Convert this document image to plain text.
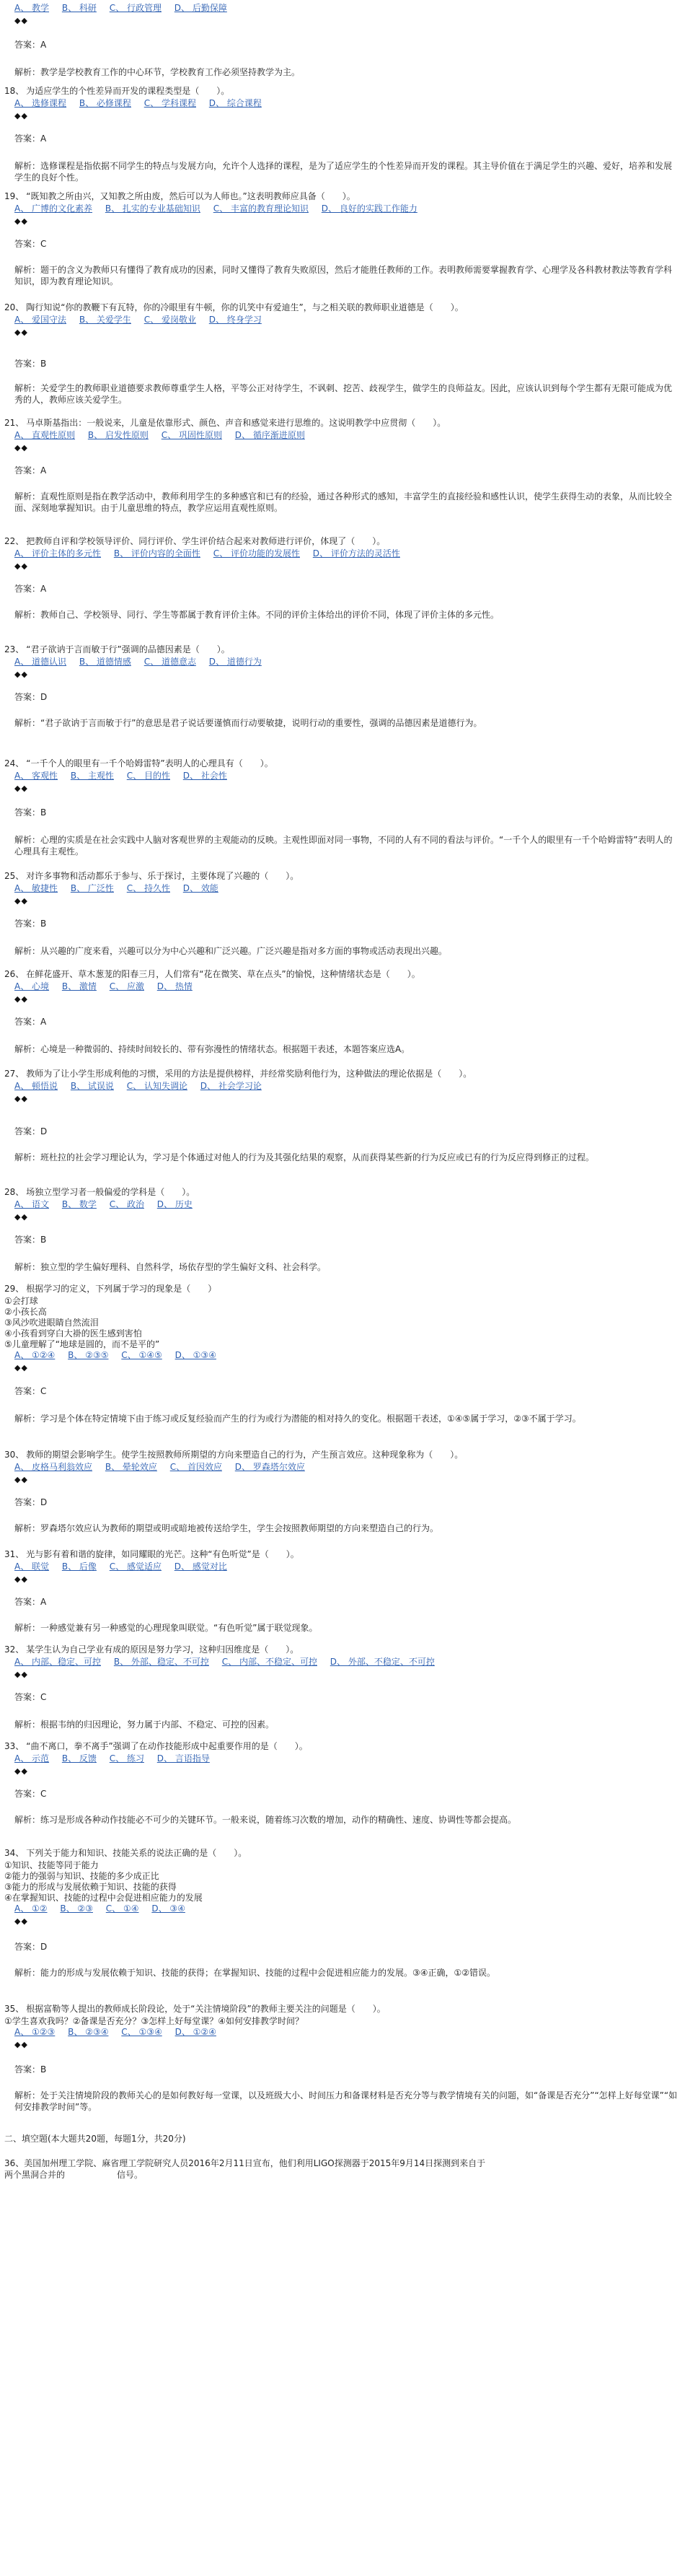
A、 教学 B、 科研 C、 行政管理 D、 后勤保障
◆◆
答案：A
解析：教学是学校教育工作的中心环节，学校教育工作必须坚持教学为主。
18、 为适应学生的个性差异而开发的课程类型是（　　）。
A、 选修课程 B、 必修课程 C、 学科课程 D、 综合课程
◆◆
答案：A
解析：选修课程是指依据不同学生的特点与发展方向，允许个人选择的课程，是为了适应学生的个性差异而开发的课程。其主导价值在于满足学生的兴趣、爱好，培养和发展学生的良好个性。
19、 “既知教之所由兴，又知教之所由废，然后可以为人师也。”这表明教师应具备（　　）。
A、 广博的文化素养 B、 扎实的专业基础知识 C、 丰富的教育理论知识 D、 良好的实践工作能力
◆◆
答案：C
解析：题干的含义为教师只有懂得了教育成功的因素，同时又懂得了教育失败原因，然后才能胜任教师的工作。表明教师需要掌握教育学、心理学及各科教材教法等教育学科知识，即为教育理论知识。
20、 陶行知说“你的教鞭下有瓦特，你的冷眼里有牛顿，你的讥笑中有爱迪生”，与之相关联的教师职业道德是（　　）。
A、 爱国守法 B、 关爱学生 C、 爱岗敬业 D、 终身学习
◆◆
答案：B
解析：关爱学生的教师职业道德要求教师尊重学生人格，平等公正对待学生，不讽刺、挖苦、歧视学生，做学生的良师益友。因此，应该认识到每个学生都有无限可能成为优秀的人，教师应该关爱学生。
21、 马卓斯基指出：一般说来，儿童是依靠形式、颜色、声音和感觉来进行思维的。这说明教学中应贯彻（　　）。
A、 直观性原则 B、 启发性原则 C、 巩固性原则 D、 循序渐进原则
◆◆
答案：A
解析：直观性原则是指在教学活动中，教师利用学生的多种感官和已有的经验，通过各种形式的感知，丰富学生的直接经验和感性认识，使学生获得生动的表象，从而比较全面、深刻地掌握知识。由于儿童思维的特点，教学应运用直观性原则。
22、 把教师自评和学校领导评价、同行评价、学生评价结合起来对教师进行评价，体现了（　　）。
A、 评价主体的多元性 B、 评价内容的全面性 C、 评价功能的发展性 D、 评价方法的灵活性
◆◆
答案：A
解析：教师自己、学校领导、同行、学生等都属于教育评价主体。不同的评价主体给出的评价不同，体现了评价主体的多元性。
23、 “君子欲讷于言而敏于行”强调的品德因素是（　　）。
A、 道德认识 B、 道德情感 C、 道德意志 D、 道德行为
◆◆
答案：D
解析：“君子欲讷于言而敏于行”的意思是君子说话要谨慎而行动要敏捷，说明行动的重要性，强调的品德因素是道德行为。
24、 “一千个人的眼里有一千个哈姆雷特”表明人的心理具有（　　）。
A、 客观性 B、 主观性 C、 目的性 D、 社会性
◆◆
答案：B
解析：心理的实质是在社会实践中人脑对客观世界的主观能动的反映。主观性即面对同一事物，不同的人有不同的看法与评价。“一千个人的眼里有一千个哈姆雷特”表明人的心理具有主观性。
25、 对许多事物和活动都乐于参与、乐于探讨，主要体现了兴趣的（　　）。
A、 敏捷性 B、 广泛性 C、 持久性 D、 效能
◆◆
答案：B
解析：从兴趣的广度来看，兴趣可以分为中心兴趣和广泛兴趣。广泛兴趣是指对多方面的事物或活动表现出兴趣。
26、 在鲜花盛开、草木葱茏的阳春三月，人们常有“花在微笑、草在点头”的愉悦，这种情绪状态是（　　）。
A、 心境 B、 激情 C、 应激 D、 热情
◆◆
答案：A
解析：心境是一种微弱的、持续时间较长的、带有弥漫性的情绪状态。根据题干表述，本题答案应选A。
27、 教师为了让小学生形成利他的习惯，采用的方法是提供榜样，并经常奖励利他行为，这种做法的理论依据是（　　）。
A、 顿悟说 B、 试误说 C、 认知失调论 D、 社会学习论
◆◆
答案：D
解析：班杜拉的社会学习理论认为，学习是个体通过对他人的行为及其强化结果的观察，从而获得某些新的行为反应或已有的行为反应得到修正的过程。
28、 场独立型学习者一般偏爱的学科是（　　）。
A、 语文 B、 数学 C、 政治 D、 历史
◆◆
答案：B
解析：独立型的学生偏好理科、自然科学，场依存型的学生偏好文科、社会科学。
29、 根据学习的定义，下列属于学习的现象是（　　）
①会打球
②小孩长高
③风沙吹进眼睛自然流泪
④小孩看到穿白大褂的医生感到害怕
⑤儿童理解了“地球是圆的，而不是平的”
A、 ①②④ B、 ②③⑤ C、 ①④⑤ D、 ①③④
◆◆
答案：C
解析：学习是个体在特定情境下由于练习或反复经验而产生的行为或行为潜能的相对持久的变化。根据题干表述，①④⑤属于学习，②③不属于学习。
30、 教师的期望会影响学生。使学生按照教师所期望的方向来塑造自己的行为，产生预言效应。这种现象称为（　　）。
A、 皮格马利翁效应 B、 晕轮效应 C、 首因效应 D、 罗森塔尔效应
◆◆
答案：D
解析：罗森塔尔效应认为教师的期望或明或暗地被传送给学生，学生会按照教师期望的方向来塑造自己的行为。
31、 光与影有着和谐的旋律，如同耀眼的光芒。这种“有色听觉”是（　　）。
A、 联觉 B、 后像 C、 感觉适应 D、 感觉对比
◆◆
答案：A
解析：一种感觉兼有另一种感觉的心理现象叫联觉。“有色听觉”属于联觉现象。
32、 某学生认为自己学业有成的原因是努力学习，这种归因维度是（　　）。
A、 内部、稳定、可控 B、 外部、稳定、不可控 C、 内部、不稳定、可控 D、 外部、不稳定、不可控
◆◆
答案：C
解析：根据韦纳的归因理论，努力属于内部、不稳定、可控的因素。
33、 “曲不离口，拳不离手”强调了在动作技能形成中起重要作用的是（　　）。
A、 示范 B、 反馈 C、 练习 D、 言语指导
◆◆
答案：C
解析：练习是形成各种动作技能必不可少的关键环节。一般来说，随着练习次数的增加，动作的精确性、速度、协调性等都会提高。
34、 下列关于能力和知识、技能关系的说法正确的是（　　）。
①知识、技能等同于能力
②能力的强弱与知识、技能的多少成正比
③能力的形成与发展依赖于知识、技能的获得
④在掌握知识、技能的过程中会促进相应能力的发展
A、 ①② B、 ②③ C、 ①④ D、 ③④
◆◆
答案：D
解析：能力的形成与发展依赖于知识、技能的获得；在掌握知识、技能的过程中会促进相应能力的发展。③④正确，①②错误。
35、 根据富勒等人提出的教师成长阶段论，处于“关注情境阶段”的教师主要关注的问题是（　　）。
①学生喜欢我吗？②备课是否充分？③怎样上好每堂课？④如何安排教学时间？
A、 ①②③ B、 ②③④ C、 ①③④ D、 ①②④
◆◆
答案：B
解析：处于关注情境阶段的教师关心的是如何教好每一堂课，以及班级大小、时间压力和备课材料是否充分等与教学情境有关的问题，如“备课是否充分”“怎样上好每堂课”“如何安排教学时间”等。
二、填空题(本大题共20题，每题1分，共20分)
36、美国加州理工学院、麻省理工学院研究人员2016年2月11日宣布，他们利用LIGO探测器于2015年9月14日探测到来自于
两个黑洞合并的　　　　　　信号。
